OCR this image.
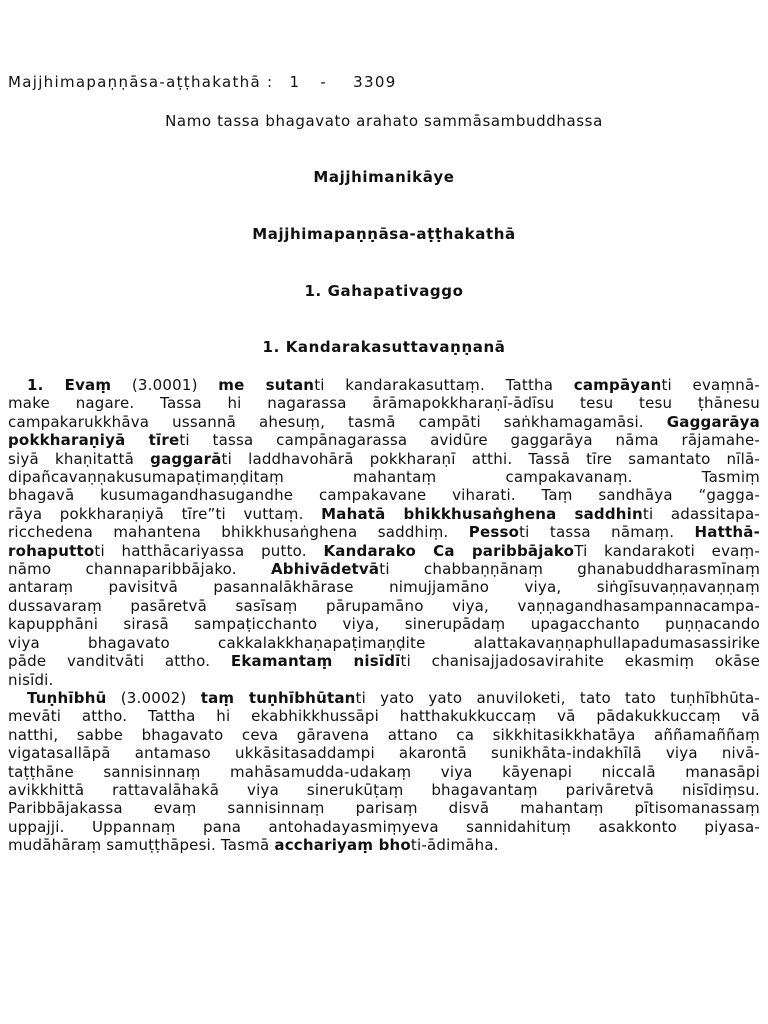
Majjhimapaṇṇāsa-aṭṭhakathā : 1 - 3309
Namo tassa bhagavato arahato sammāsambuddhassa
Majjhimanikāye
Majjhimapaṇṇāsa-aṭṭhakathā
1. Gahapativaggo
1. Kandarakasuttavaṇṇanā
1. Evaṃ (3.0001) me sutanti kandarakasuttaṃ. Tattha campāyanti evaṃnā-
make nagare. Tassa hi nagarassa ārāmapokkharaṇī-ādīsu tesu tesu ṭhānesu
campakarukkhāva ussannā ahesuṃ, tasmā campāti saṅkhamagamāsi. Gaggarāya
pokkharaṇiyā tīreti tassa campānagarassa avidūre gaggarāya nāma rājamahe-
siyā khaṇitattā gaggarāti laddhavohārā pokkharaṇī atthi. Tassā tīre samantato nīlā-
dipañcavaṇṇakusumapaṭimaṇḍitaṃ mahantaṃ campakavanaṃ. Tasmiṃ
bhagavā kusumagandhasugandhe campakavane viharati. Taṃ sandhāya “gagga-
rāya pokkharaṇiyā tīre”ti vuttaṃ. Mahatā bhikkhusaṅghena saddhinti adassitapa-
ricchedena mahantena bhikkhusaṅghena saddhiṃ. Pessoti tassa nāmaṃ. Hatthā-
rohaputtoti hatthācariyassa putto. Kandarako Ca paribbājakoTi kandarakoti evaṃ-
nāmo channaparibbājako. Abhivādetvāti chabbaṇṇānaṃ ghanabuddharasmīnaṃ
antaraṃ pavisitvā pasannalākhārase nimujjamāno viya, siṅgīsuvaṇṇavaṇṇaṃ
dussavaraṃ pasāretvā sasīsaṃ pārupamāno viya, vaṇṇagandhasampannacampa-
kapupphāni sirasā sampaṭicchanto viya, sinerupādaṃ upagacchanto puṇṇacando
viya bhagavato cakkalakkhaṇapaṭimaṇḍite alattakavaṇṇaphullapadumasassirike
pāde vanditvāti attho. Ekamantaṃ nisīdīti chanisajjadosavirahite ekasmiṃ okāse
nisīdi.
Tuṇhībhū (3.0002) taṃ tuṇhībhūtanti yato yato anuviloketi, tato tato tuṇhībhūta-
mevāti attho. Tattha hi ekabhikkhussāpi hatthakukkuccaṃ vā pādakukkuccaṃ vā
natthi, sabbe bhagavato ceva gāravena attano ca sikkhitasikkhatāya aññamaññaṃ
vigatasallāpā antamaso ukkāsitasaddampi akarontā sunikhāta-indakhīlā viya nivā-
taṭṭhāne sannisinnaṃ mahāsamudda-udakaṃ viya kāyenapi niccalā manasāpi
avikkhittā rattavalāhakā viya sinerukūṭaṃ bhagavantaṃ parivāretvā nisīdiṃsu.
Paribbājakassa evaṃ sannisinnaṃ parisaṃ disvā mahantaṃ pītisomanassaṃ
uppajji. Uppannaṃ pana antohadayasmiṃyeva sannidahituṃ asakkonto piyasa-
mudāhāraṃ samuṭṭhāpesi. Tasmā acchariyaṃ bhoti-ādimāha.
